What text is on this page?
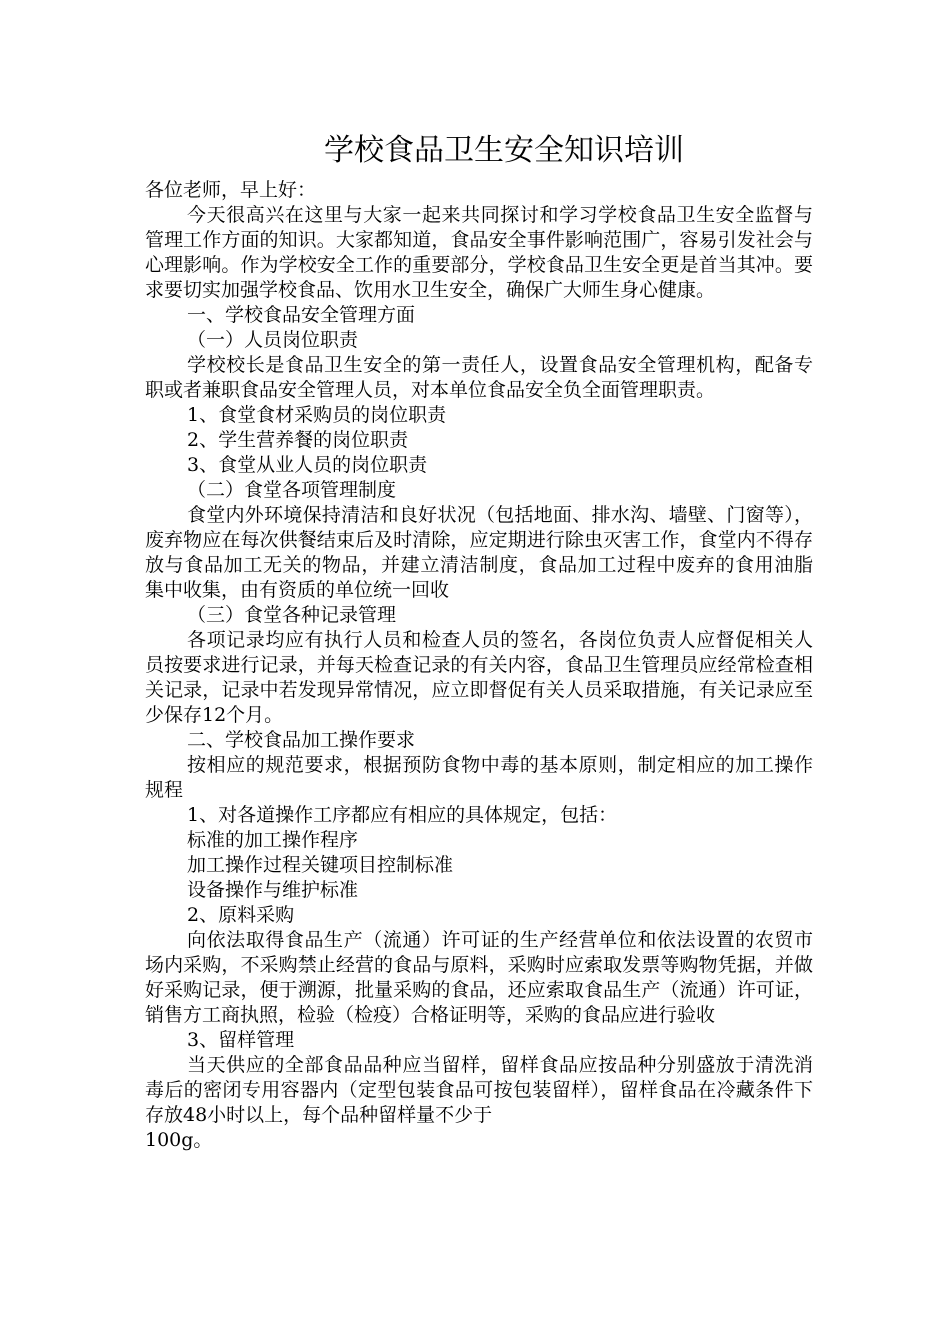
学校食品卫生安全知识培训

各位老师，早上好：

今天很高兴在这里与大家一起来共同探讨和学习学校食品卫生安全监督与管理工作方面的知识。大家都知道，食品安全事件影响范围广，容易引发社会与心理影响。作为学校安全工作的重要部分，学校食品卫生安全更是首当其冲。要求要切实加强学校食品、饮用水卫生安全，确保广大师生身心健康。

一、学校食品安全管理方面

（一）人员岗位职责

学校校长是食品卫生安全的第一责任人，设置食品安全管理机构，配备专职或者兼职食品安全管理人员，对本单位食品安全负全面管理职责。

1、食堂食材采购员的岗位职责

2、学生营养餐的岗位职责

3、食堂从业人员的岗位职责

（二）食堂各项管理制度

食堂内外环境保持清洁和良好状况（包括地面、排水沟、墙壁、门窗等），废弃物应在每次供餐结束后及时清除，应定期进行除虫灭害工作，食堂内不得存放与食品加工无关的物品，并建立清洁制度，食品加工过程中废弃的食用油脂 集中收集，由有资质的单位统一回收

（三）食堂各种记录管理

各项记录均应有执行人员和检查人员的签名，各岗位负责人应督促相关人员按要求进行记录，并每天检查记录的有关内容，食品卫生管理员应经常检查相关记录，记录中若发现异常情况，应立即督促有关人员采取措施，有关记录应至少保存12个月。

二、学校食品加工操作要求

按相应的规范要求，根据预防食物中毒的基本原则，制定相应的加工操作规程

1、对各道操作工序都应有相应的具体规定，包括：

标准的加工操作程序

加工操作过程关键项目控制标准

设备操作与维护标准

2、原料采购

向依法取得食品生产（流通）许可证的生产经营单位和依法设置的农贸市场内采购，不采购禁止经营的食品与原料，采购时应索取发票等购物凭据，并做好采购记录，便于溯源，批量采购的食品，还应索取食品生产（流通）许可证，销售方工商执照，检验（检疫）合格证明等，采购的食品应进行验收

3、留样管理

当天供应的全部食品品种应当留样，留样食品应按品种分别盛放于清洗消毒后的密闭专用容器内（定型包装食品可按包装留样），留样食品在冷藏条件下存放48小时以上，每个品种留样量不少于

100g。
